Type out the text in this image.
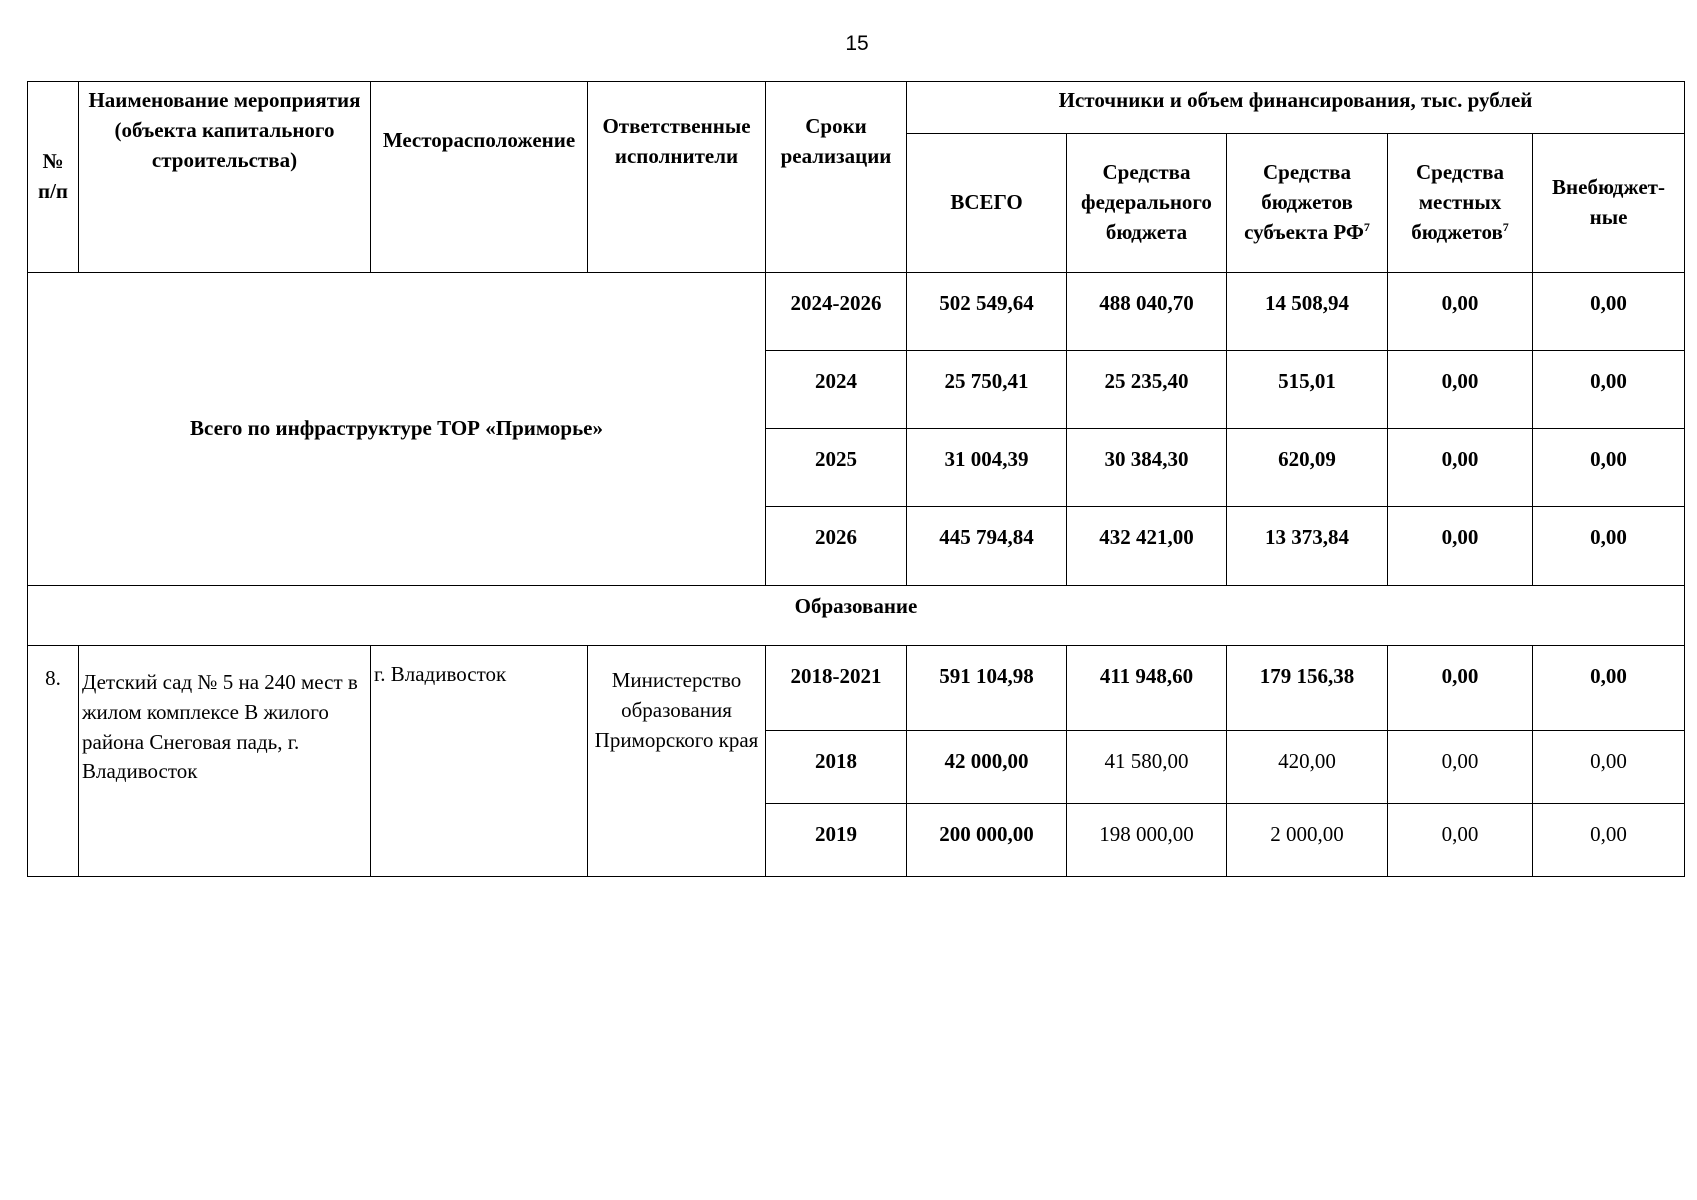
15
№ п/п	Наименование мероприятия (объекта капитального строительства)	Месторасположение	Ответственные исполнители	Сроки реализации	Источники и объем финансирования, тыс. рублей				
					ВСЕГО	Средства федерального бюджета	Средства бюджетов субъекта $РФ^7$	Средства местных бюджетов$^7$	Внебюджет-ные
Всего по инфраструктуре ТОР «Приморье»				2024-2026	502 549,64	488 040,70	14 508,94	0,00	0,00
				2024	25 750,41	25 235,40	515,01	0,00	0,00
				2025	31 004,39	30 384,30	620,09	0,00	0,00
				2026	445 794,84	432 421,00	13 373,84	0,00	0,00
Образование									
8.	Детский сад № 5 на 240 мест в жилом комплексе В жилого района Снеговая падь, г. Владивосток	г. Владивосток	Министерство образования Приморского края	2018-2021	591 104,98	411 948,60	179 156,38	0,00	0,00
				2018	42 000,00	41 580,00	420,00	0,00	0,00
				2019	200 000,00	198 000,00	2 000,00	0,00	0,00
